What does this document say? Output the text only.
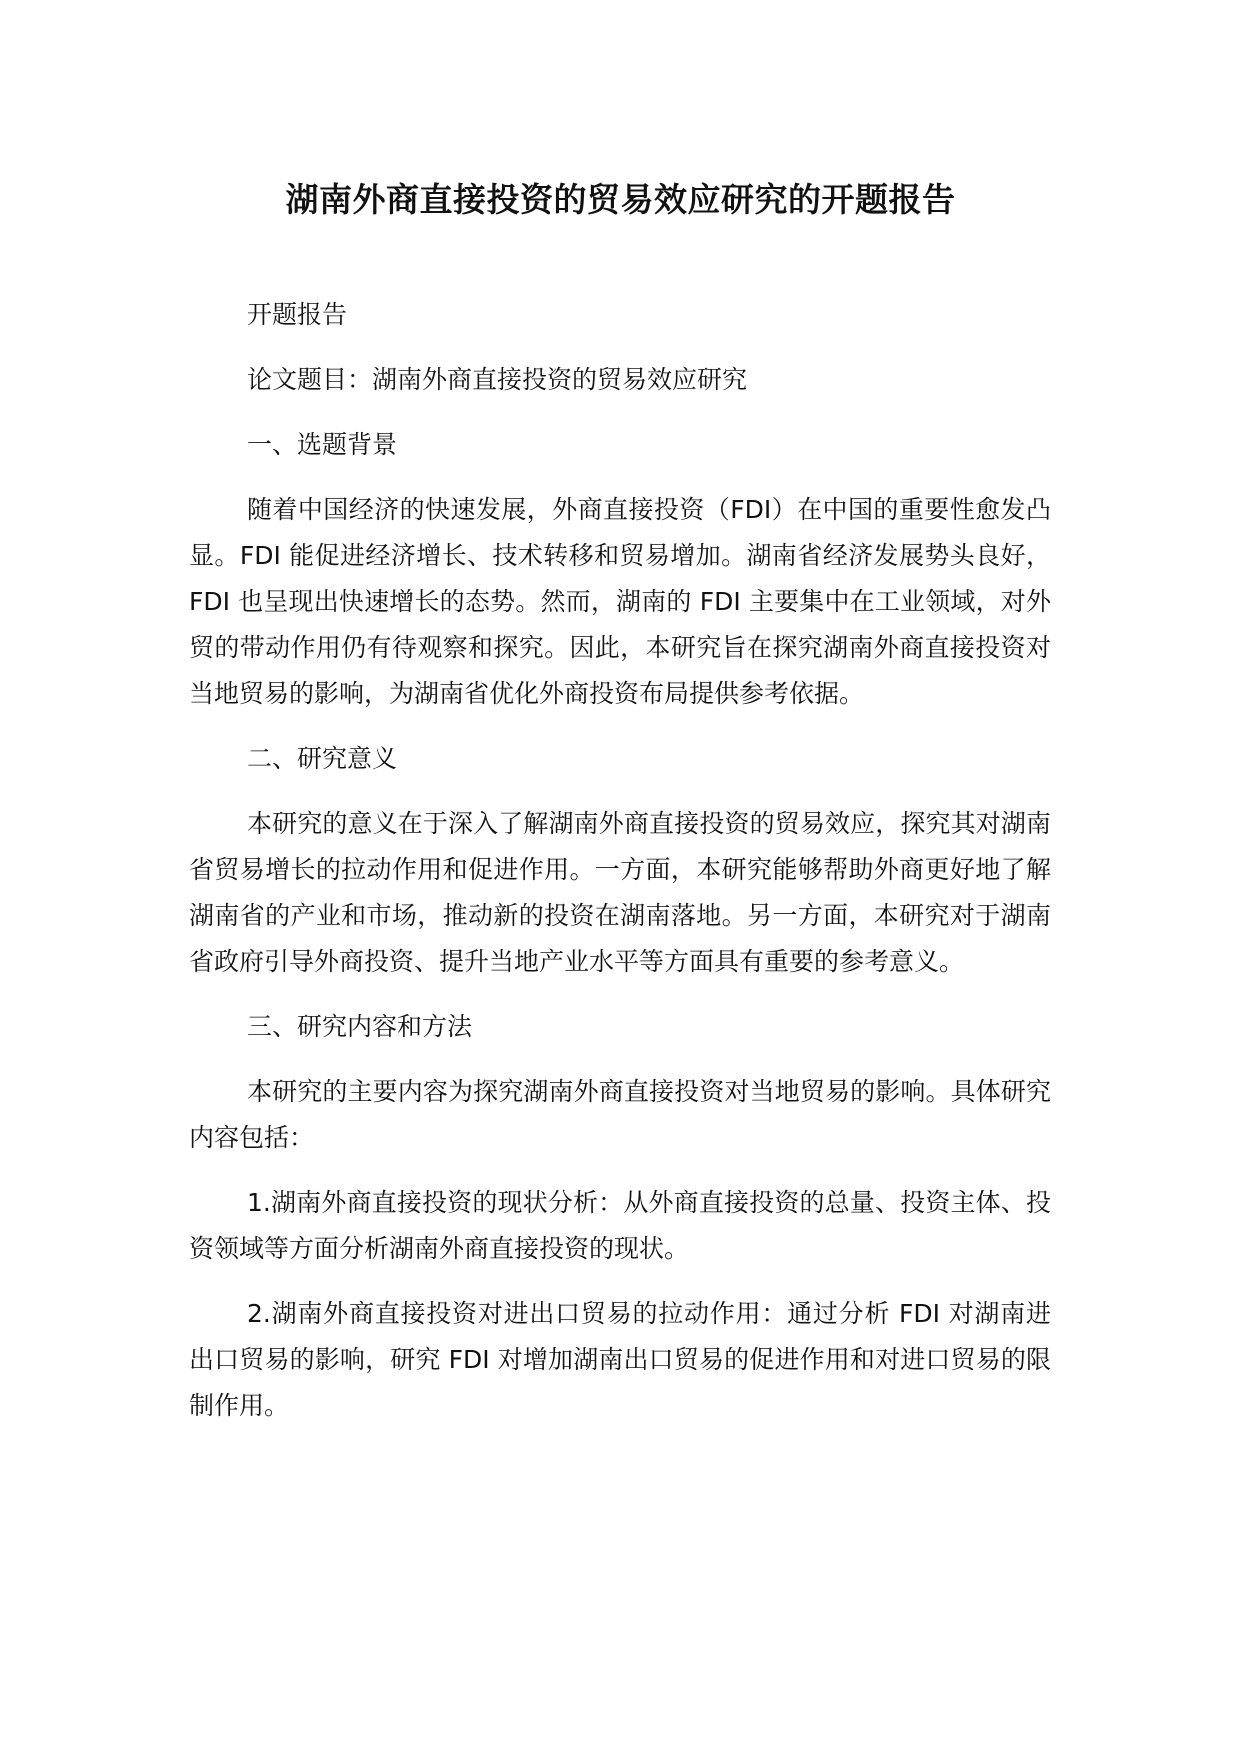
湖南外商直接投资的贸易效应研究的开题报告

开题报告

论文题目：湖南外商直接投资的贸易效应研究

一、选题背景

随着中国经济的快速发展，外商直接投资（FDI）在中国的重要性愈发凸显。FDI 能促进经济增长、技术转移和贸易增加。湖南省经济发展势头良好，FDI 也呈现出快速增长的态势。然而，湖南的 FDI 主要集中在工业领域，对外贸的带动作用仍有待观察和探究。因此，本研究旨在探究湖南外商直接投资对当地贸易的影响，为湖南省优化外商投资布局提供参考依据。

二、研究意义

本研究的意义在于深入了解湖南外商直接投资的贸易效应，探究其对湖南省贸易增长的拉动作用和促进作用。一方面，本研究能够帮助外商更好地了解湖南省的产业和市场，推动新的投资在湖南落地。另一方面，本研究对于湖南省政府引导外商投资、提升当地产业水平等方面具有重要的参考意义。

三、研究内容和方法

本研究的主要内容为探究湖南外商直接投资对当地贸易的影响。具体研究内容包括：

1.湖南外商直接投资的现状分析：从外商直接投资的总量、投资主体、投资领域等方面分析湖南外商直接投资的现状。

2.湖南外商直接投资对进出口贸易的拉动作用：通过分析 FDI 对湖南进出口贸易的影响，研究 FDI 对增加湖南出口贸易的促进作用和对进口贸易的限制作用。
